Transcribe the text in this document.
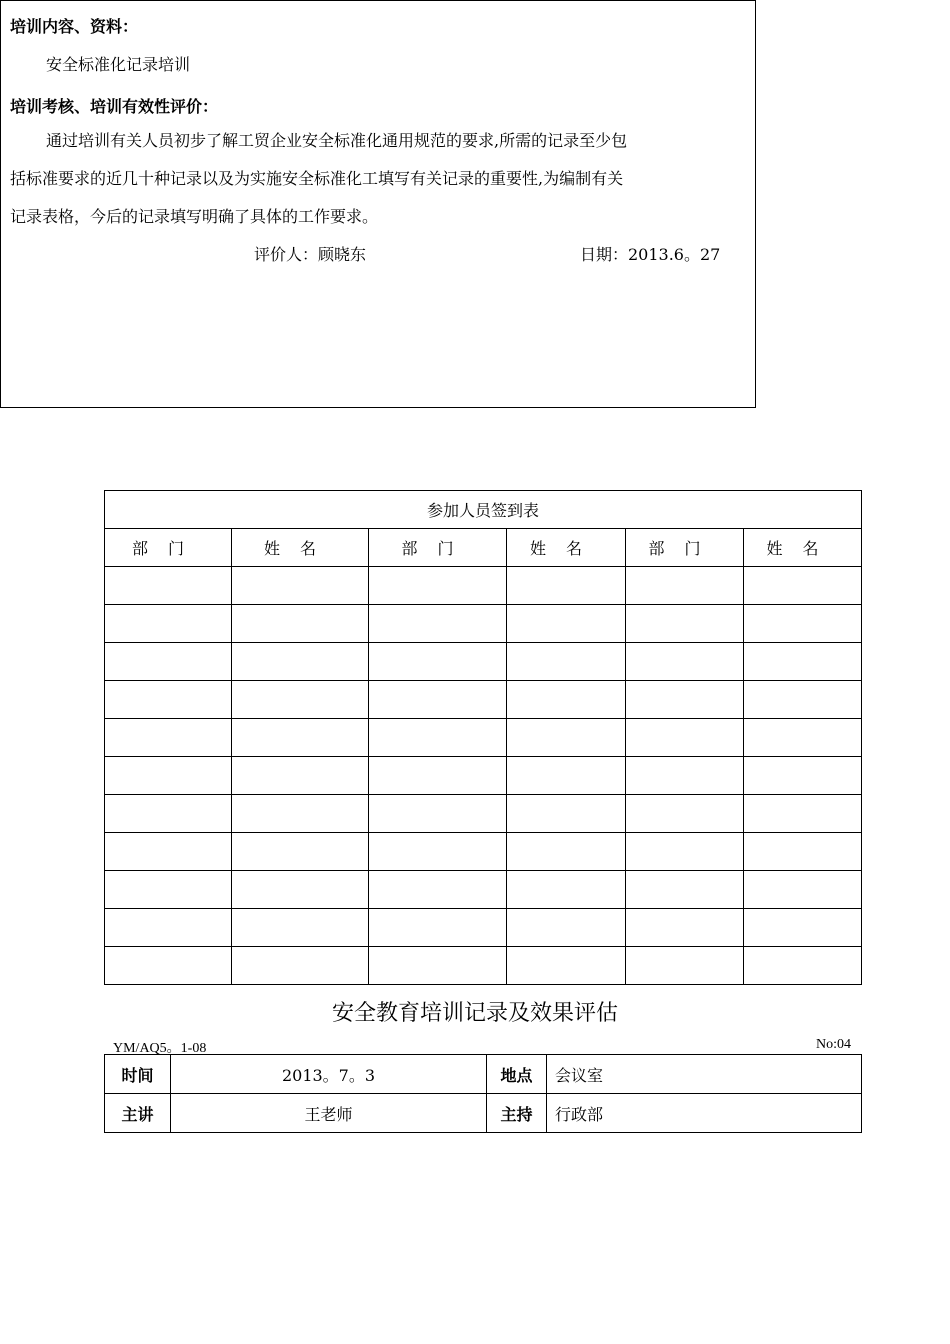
培训内容、资料：
安全标准化记录培训
培训考核、培训有效性评价：
通过培训有关人员初步了解工贸企业安全标准化通用规范的要求,所需的记录至少包
括标准要求的近几十种记录以及为实施安全标准化工填写有关记录的重要性,为编制有关
记录表格，今后的记录填写明确了具体的工作要求。
评价人：顾晓东	日期：2013.6。27
参加人员签到表					
部门	姓名	部门	姓名	部门	姓名

安全教育培训记录及效果评估
YM/AQ5。1-08	No:04
时间	2013。7。3	地点	会议室
主讲	王老师	主持	行政部
